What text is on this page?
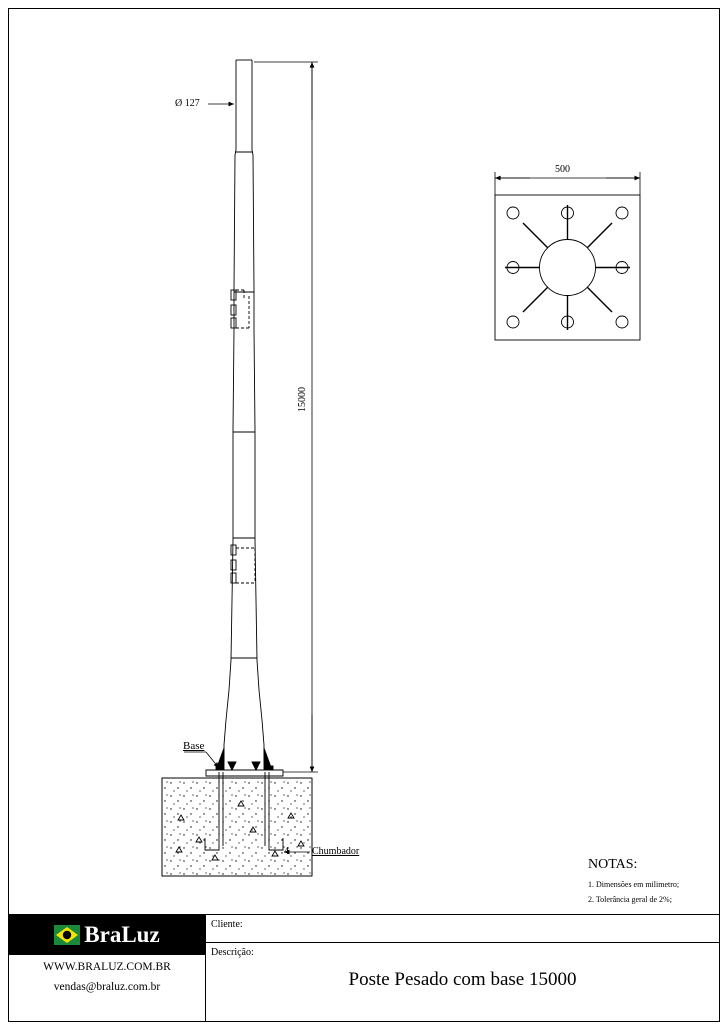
Ø 127
15000
Base
4 Chumbador
500
NOTAS:
1. Dimensões em milimetro;
2. Tolerância geral de 2%;
BraLuz
WWW.BRALUZ.COM.BR
vendas@braluz.com.br
Cliente:
Descrição:
Poste Pesado com base 15000
